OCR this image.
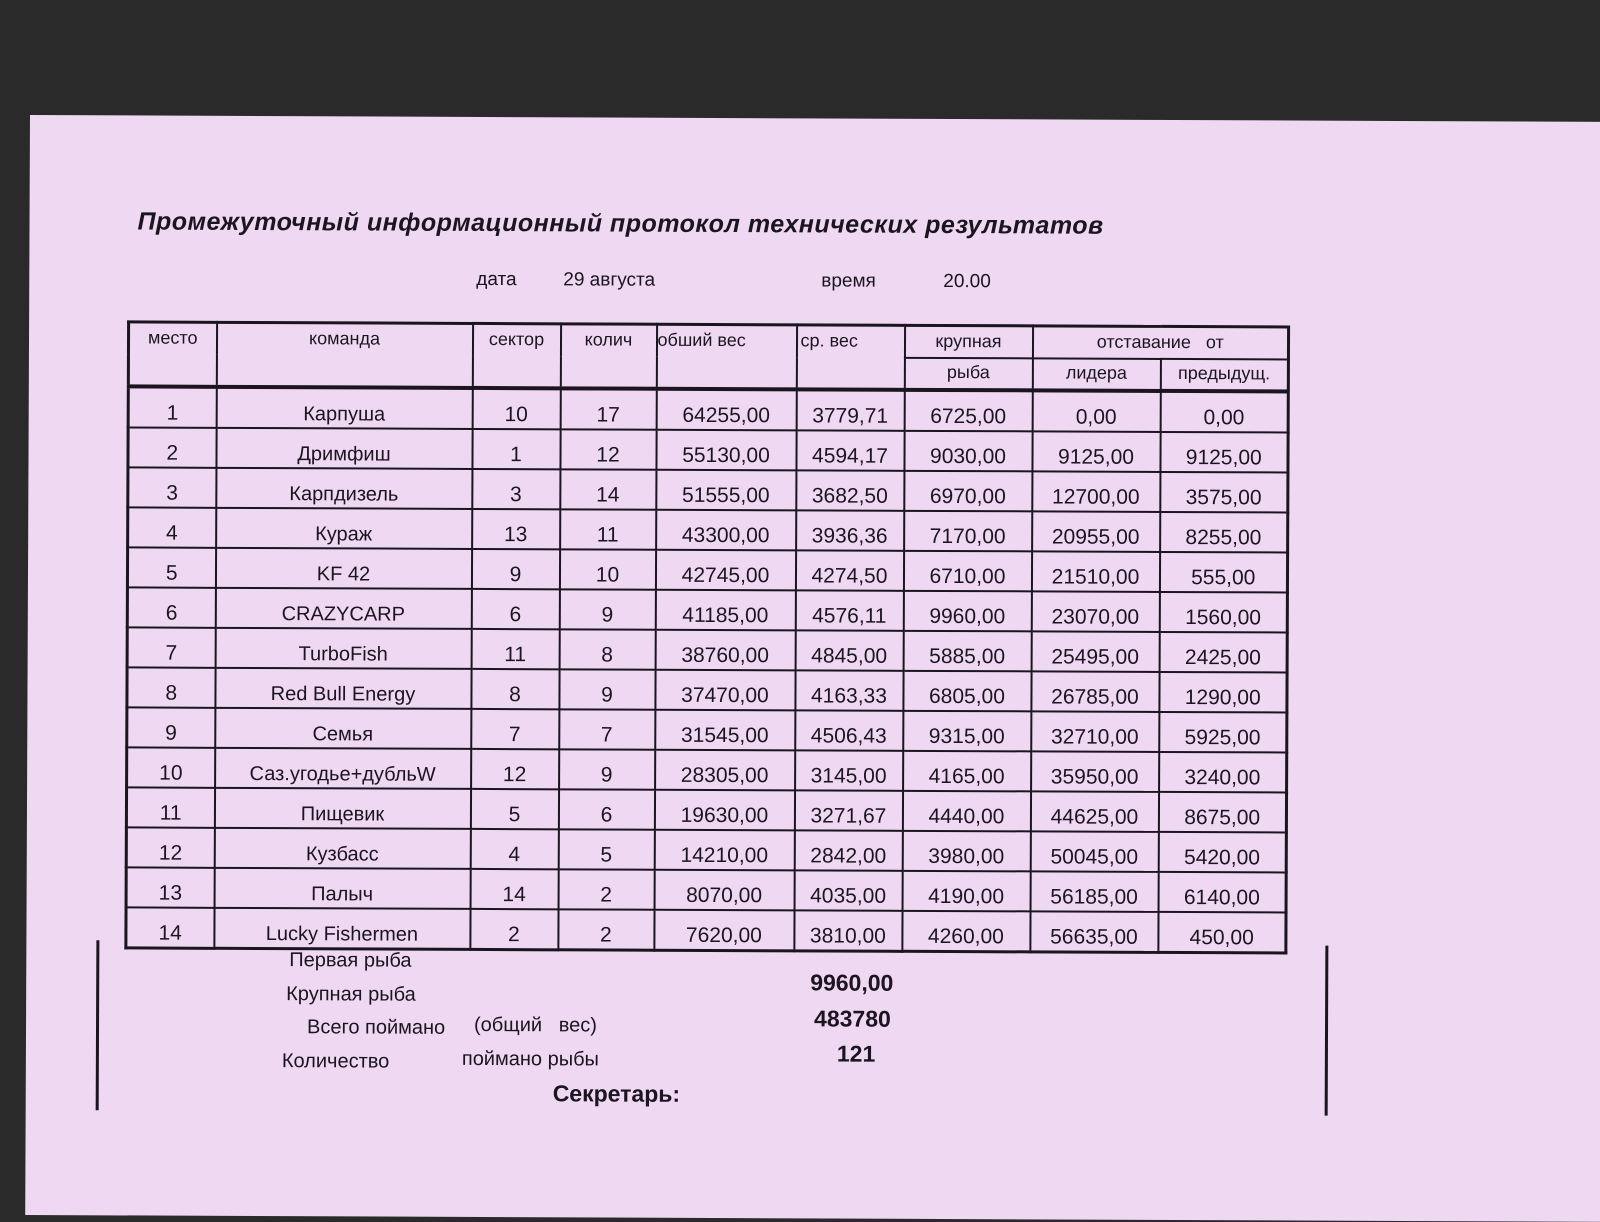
Промежуточный информационный протокол технических результатов
дата 29 августа	время	20.00
место	команда	сектор	колич	обший вес	ср. вес	крупная	отставание   от	
						рыба	лидера	предыдущ.
1	Карпуша	10	17	64255,00	3779,71	6725,00	0,00	0,00
2	Дримфиш	1	12	55130,00	4594,17	9030,00	9125,00	9125,00
3	Карпдизель	3	14	51555,00	3682,50	6970,00	12700,00	3575,00
4	Кураж	13	11	43300,00	3936,36	7170,00	20955,00	8255,00
5	KF 42	9	10	42745,00	4274,50	6710,00	21510,00	555,00
6	CRAZYCARP	6	9	41185,00	4576,11	9960,00	23070,00	1560,00
7	TurboFish	11	8	38760,00	4845,00	5885,00	25495,00	2425,00
8	Red Bull Energy	8	9	37470,00	4163,33	6805,00	26785,00	1290,00
9	Семья	7	7	31545,00	4506,43	9315,00	32710,00	5925,00
10	Саз.угодье+дубльW	12	9	28305,00	3145,00	4165,00	35950,00	3240,00
11	Пищевик	5	6	19630,00	3271,67	4440,00	44625,00	8675,00
12	Кузбасс	4	5	14210,00	2842,00	3980,00	50045,00	5420,00
13	Палыч	14	2	8070,00	4035,00	4190,00	56185,00	6140,00
14	Lucky Fishermen	2	2	7620,00	3810,00	4260,00	56635,00	450,00
Первая рыба
Крупная рыба	9960,00
Всего поймано (общий   вес)	483780
Количество	поймано рыбы	121
Секретарь:
